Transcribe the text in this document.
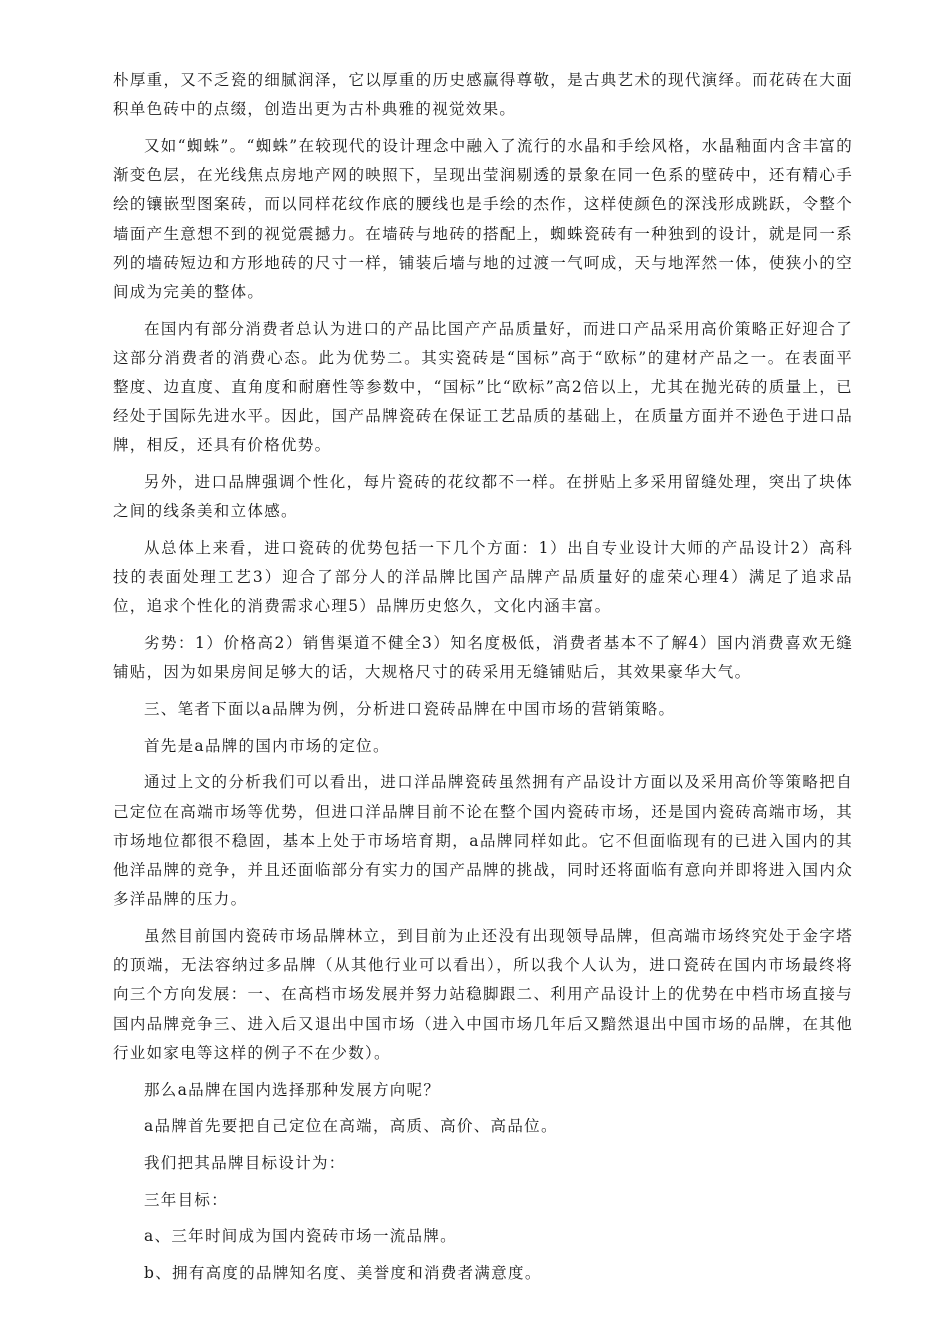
朴厚重，又不乏瓷的细腻润泽，它以厚重的历史感赢得尊敬，是古典艺术的现代演绎。而花砖在大面积单色砖中的点缀，创造出更为古朴典雅的视觉效果。

又如“蜘蛛”。“蜘蛛”在较现代的设计理念中融入了流行的水晶和手绘风格，水晶釉面内含丰富的渐变色层，在光线焦点房地产网的映照下，呈现出莹润剔透的景象在同一色系的壁砖中，还有精心手绘的镶嵌型图案砖，而以同样花纹作底的腰线也是手绘的杰作，这样使颜色的深浅形成跳跃，令整个墙面产生意想不到的视觉震撼力。在墙砖与地砖的搭配上，蜘蛛瓷砖有一种独到的设计，就是同一系列的墙砖短边和方形地砖的尺寸一样，铺装后墙与地的过渡一气呵成，天与地浑然一体，使狭小的空间成为完美的整体。

在国内有部分消费者总认为进口的产品比国产产品质量好，而进口产品采用高价策略正好迎合了这部分消费者的消费心态。此为优势二。其实瓷砖是“国标”高于“欧标”的建材产品之一。在表面平整度、边直度、直角度和耐磨性等参数中，“国标”比“欧标”高2倍以上，尤其在抛光砖的质量上，已经处于国际先进水平。因此，国产品牌瓷砖在保证工艺品质的基础上，在质量方面并不逊色于进口品牌，相反，还具有价格优势。

另外，进口品牌强调个性化，每片瓷砖的花纹都不一样。在拼贴上多采用留缝处理，突出了块体之间的线条美和立体感。

从总体上来看，进口瓷砖的优势包括一下几个方面：1）出自专业设计大师的产品设计2）高科技的表面处理工艺3）迎合了部分人的洋品牌比国产品牌产品质量好的虚荣心理4）满足了追求品位，追求个性化的消费需求心理5）品牌历史悠久，文化内涵丰富。

劣势：1）价格高2）销售渠道不健全3）知名度极低，消费者基本不了解4）国内消费喜欢无缝铺贴，因为如果房间足够大的话，大规格尺寸的砖采用无缝铺贴后，其效果豪华大气。

三、笔者下面以a品牌为例，分析进口瓷砖品牌在中国市场的营销策略。

首先是a品牌的国内市场的定位。

通过上文的分析我们可以看出，进口洋品牌瓷砖虽然拥有产品设计方面以及采用高价等策略把自己定位在高端市场等优势，但进口洋品牌目前不论在整个国内瓷砖市场，还是国内瓷砖高端市场，其市场地位都很不稳固，基本上处于市场培育期，a品牌同样如此。它不但面临现有的已进入国内的其他洋品牌的竞争，并且还面临部分有实力的国产品牌的挑战，同时还将面临有意向并即将进入国内众多洋品牌的压力。

虽然目前国内瓷砖市场品牌林立，到目前为止还没有出现领导品牌，但高端市场终究处于金字塔的顶端，无法容纳过多品牌（从其他行业可以看出），所以我个人认为，进口瓷砖在国内市场最终将向三个方向发展：一、在高档市场发展并努力站稳脚跟二、利用产品设计上的优势在中档市场直接与国内品牌竞争三、进入后又退出中国市场（进入中国市场几年后又黯然退出中国市场的品牌，在其他行业如家电等这样的例子不在少数）。

那么a品牌在国内选择那种发展方向呢？

a品牌首先要把自己定位在高端，高质、高价、高品位。

我们把其品牌目标设计为：

三年目标：

a、三年时间成为国内瓷砖市场一流品牌。

b、拥有高度的品牌知名度、美誉度和消费者满意度。
